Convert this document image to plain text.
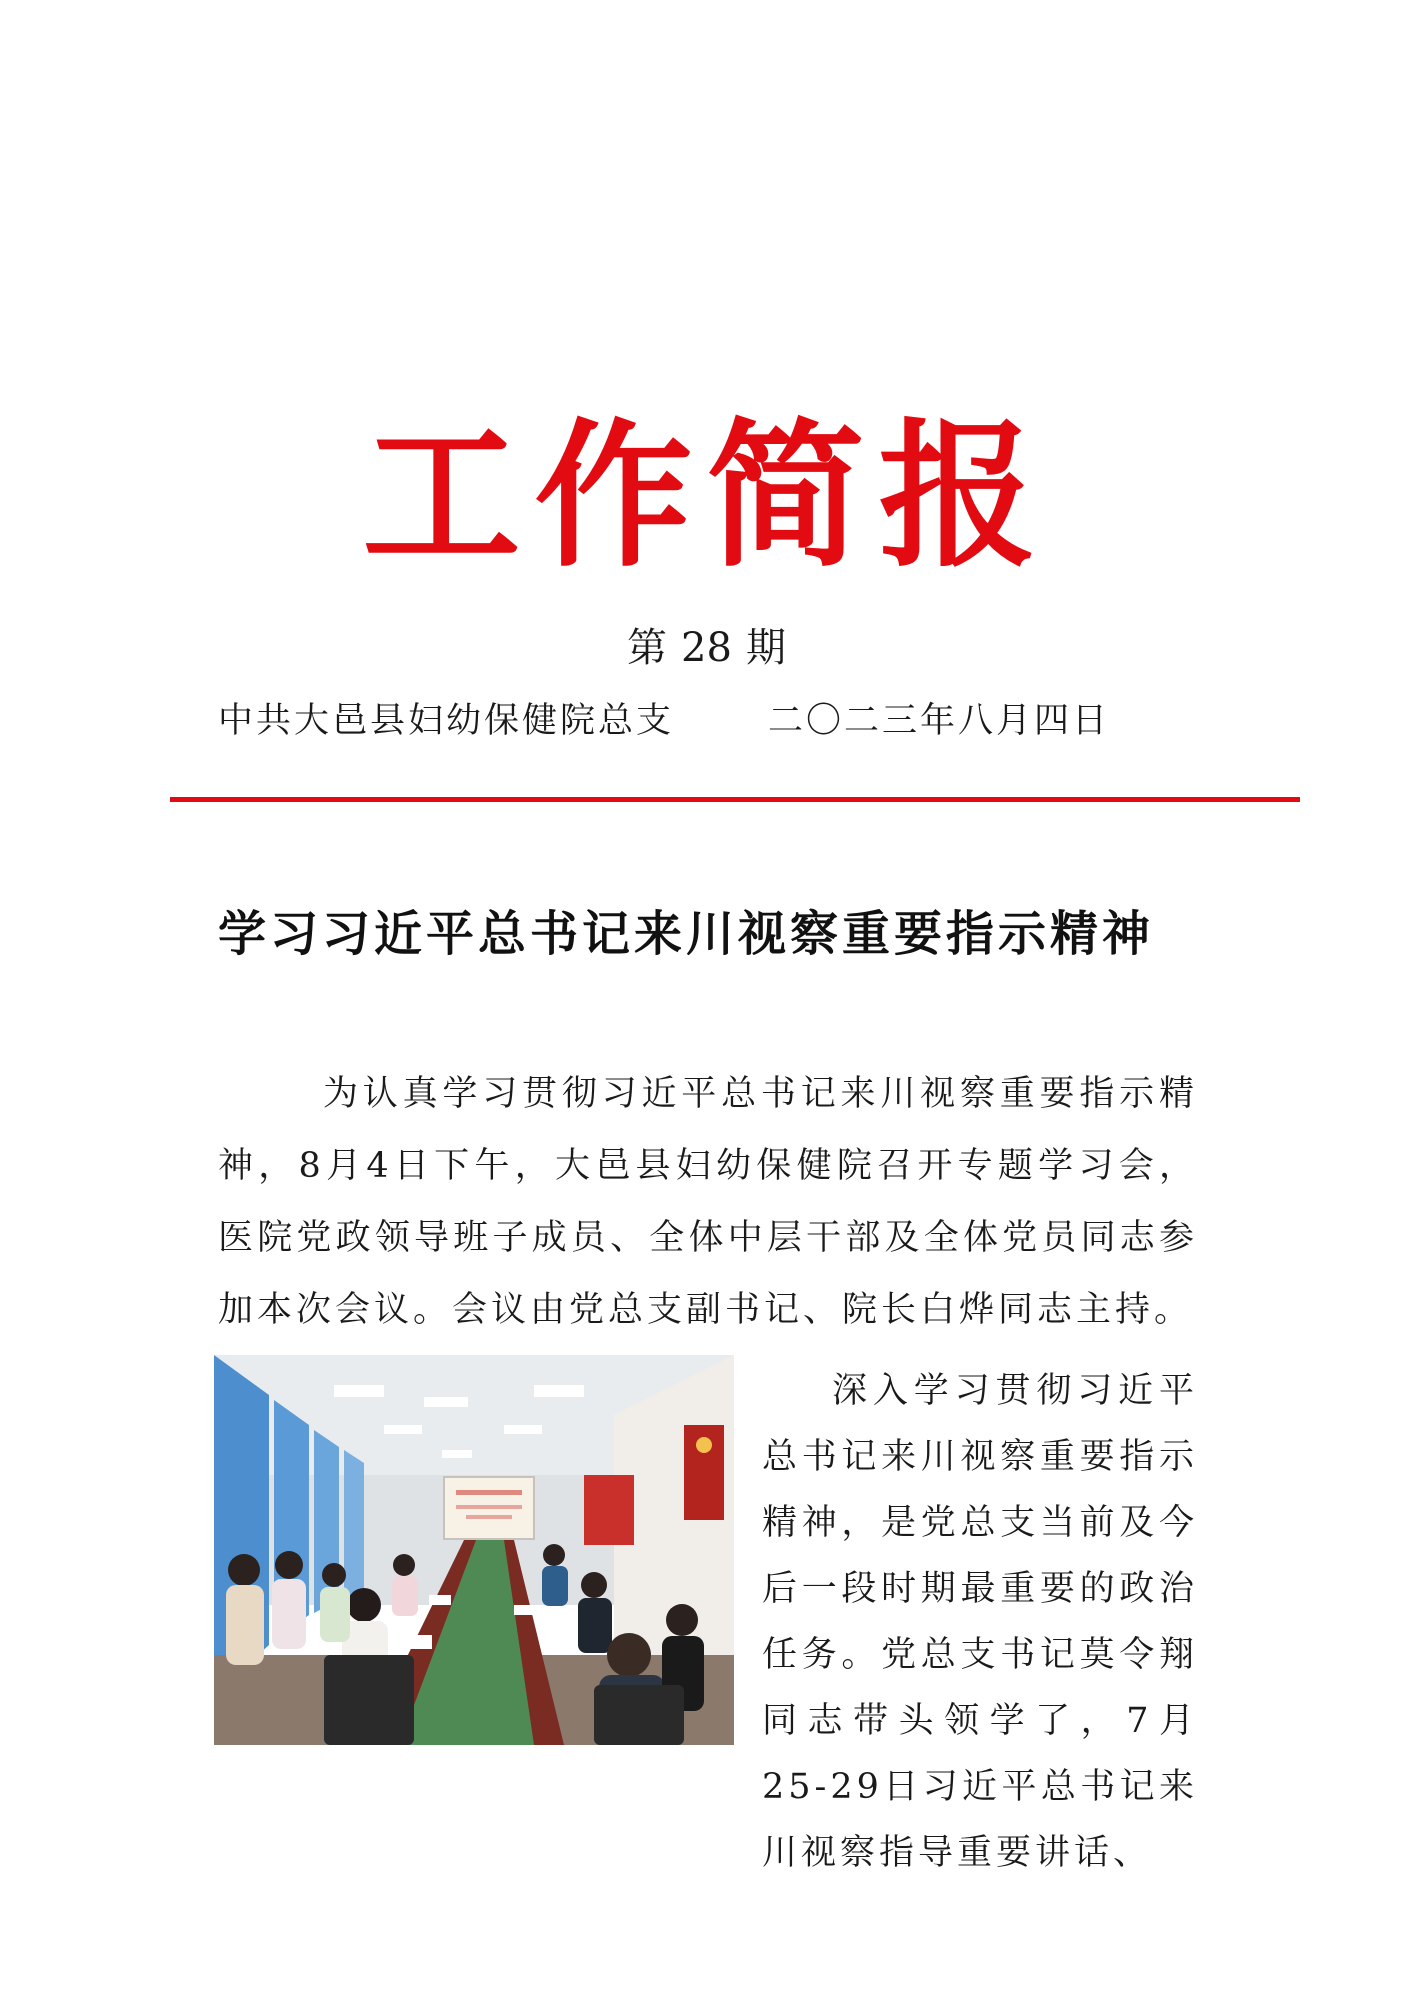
工作简报
第 28 期
中共大邑县妇幼保健院总支	二〇二三年八月四日
学习习近平总书记来川视察重要指示精神
为认真学习贯彻习近平总书记来川视察重要指示精神，8月4日下午，大邑县妇幼保健院召开专题学习会，医院党政领导班子成员、全体中层干部及全体党员同志参加本次会议。会议由党总支副书记、院长白烨同志主持。
深入学习贯彻习近平总书记来川视察重要指示精神，是党总支当前及今后一段时期最重要的政治任务。党总支书记莫令翔同志带头领学了，7月25-29日习近平总书记来川视察指导重要讲话、
